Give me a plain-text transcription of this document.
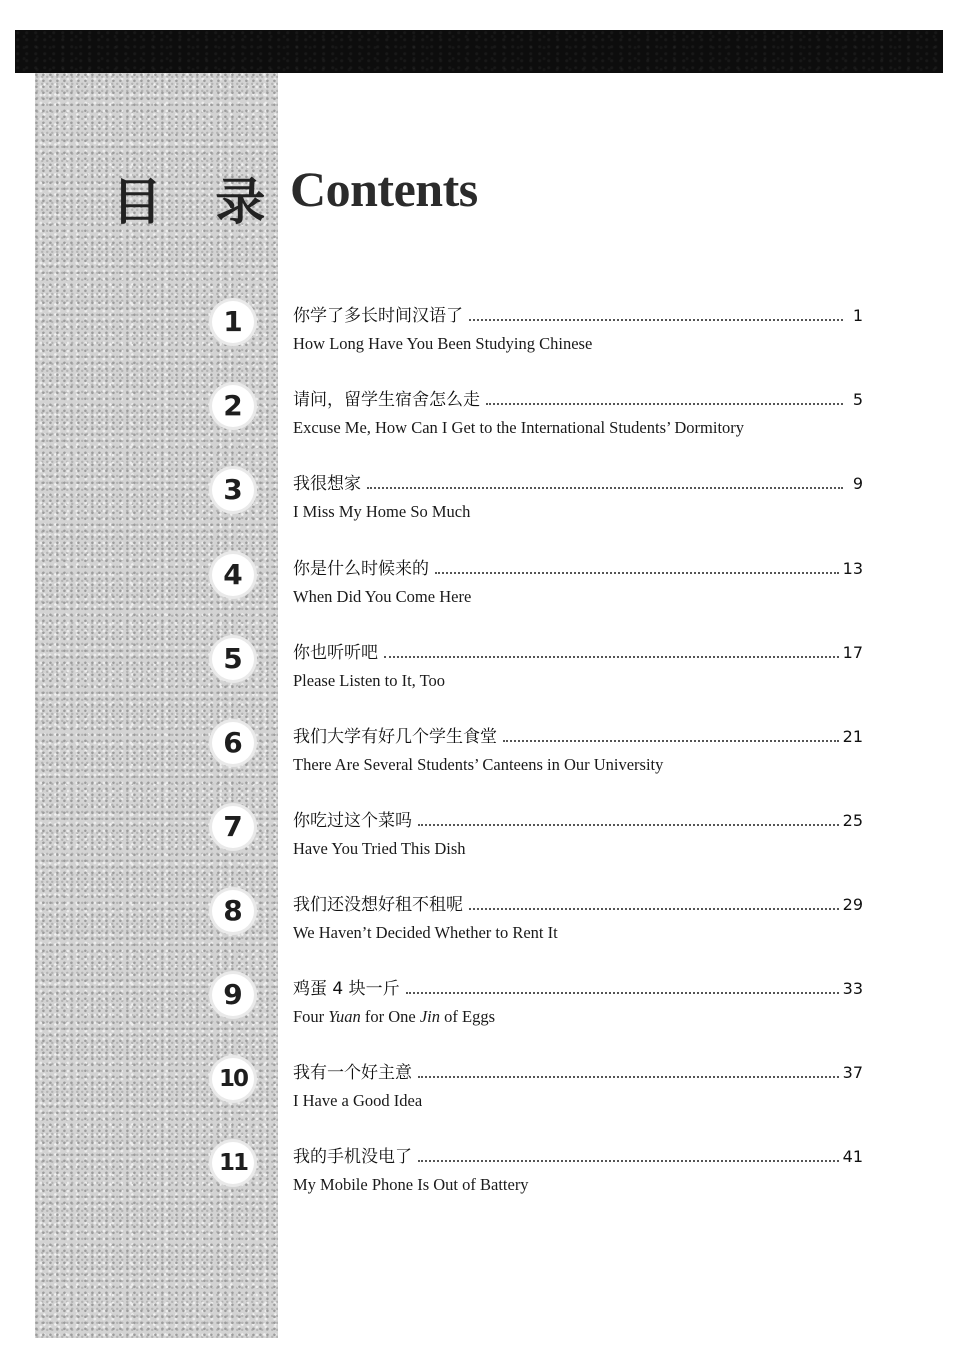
目 录 Contents
1	你学了多长时间汉语了	1
How Long Have You Been Studying Chinese
2	请问，留学生宿舍怎么走	5
Excuse Me, How Can I Get to the International Students’ Dormitory
3	我很想家	9
I Miss My Home So Much
4	你是什么时候来的	13
When Did You Come Here
5	你也听听吧	17
Please Listen to It, Too
6	我们大学有好几个学生食堂	21
There Are Several Students’ Canteens in Our University
7	你吃过这个菜吗	25
Have You Tried This Dish
8	我们还没想好租不租呢	29
We Haven’t Decided Whether to Rent It
9	鸡蛋 4 块一斤	33
Four Yuan for One Jin of Eggs
10	我有一个好主意	37
I Have a Good Idea
11	我的手机没电了	41
My Mobile Phone Is Out of Battery
